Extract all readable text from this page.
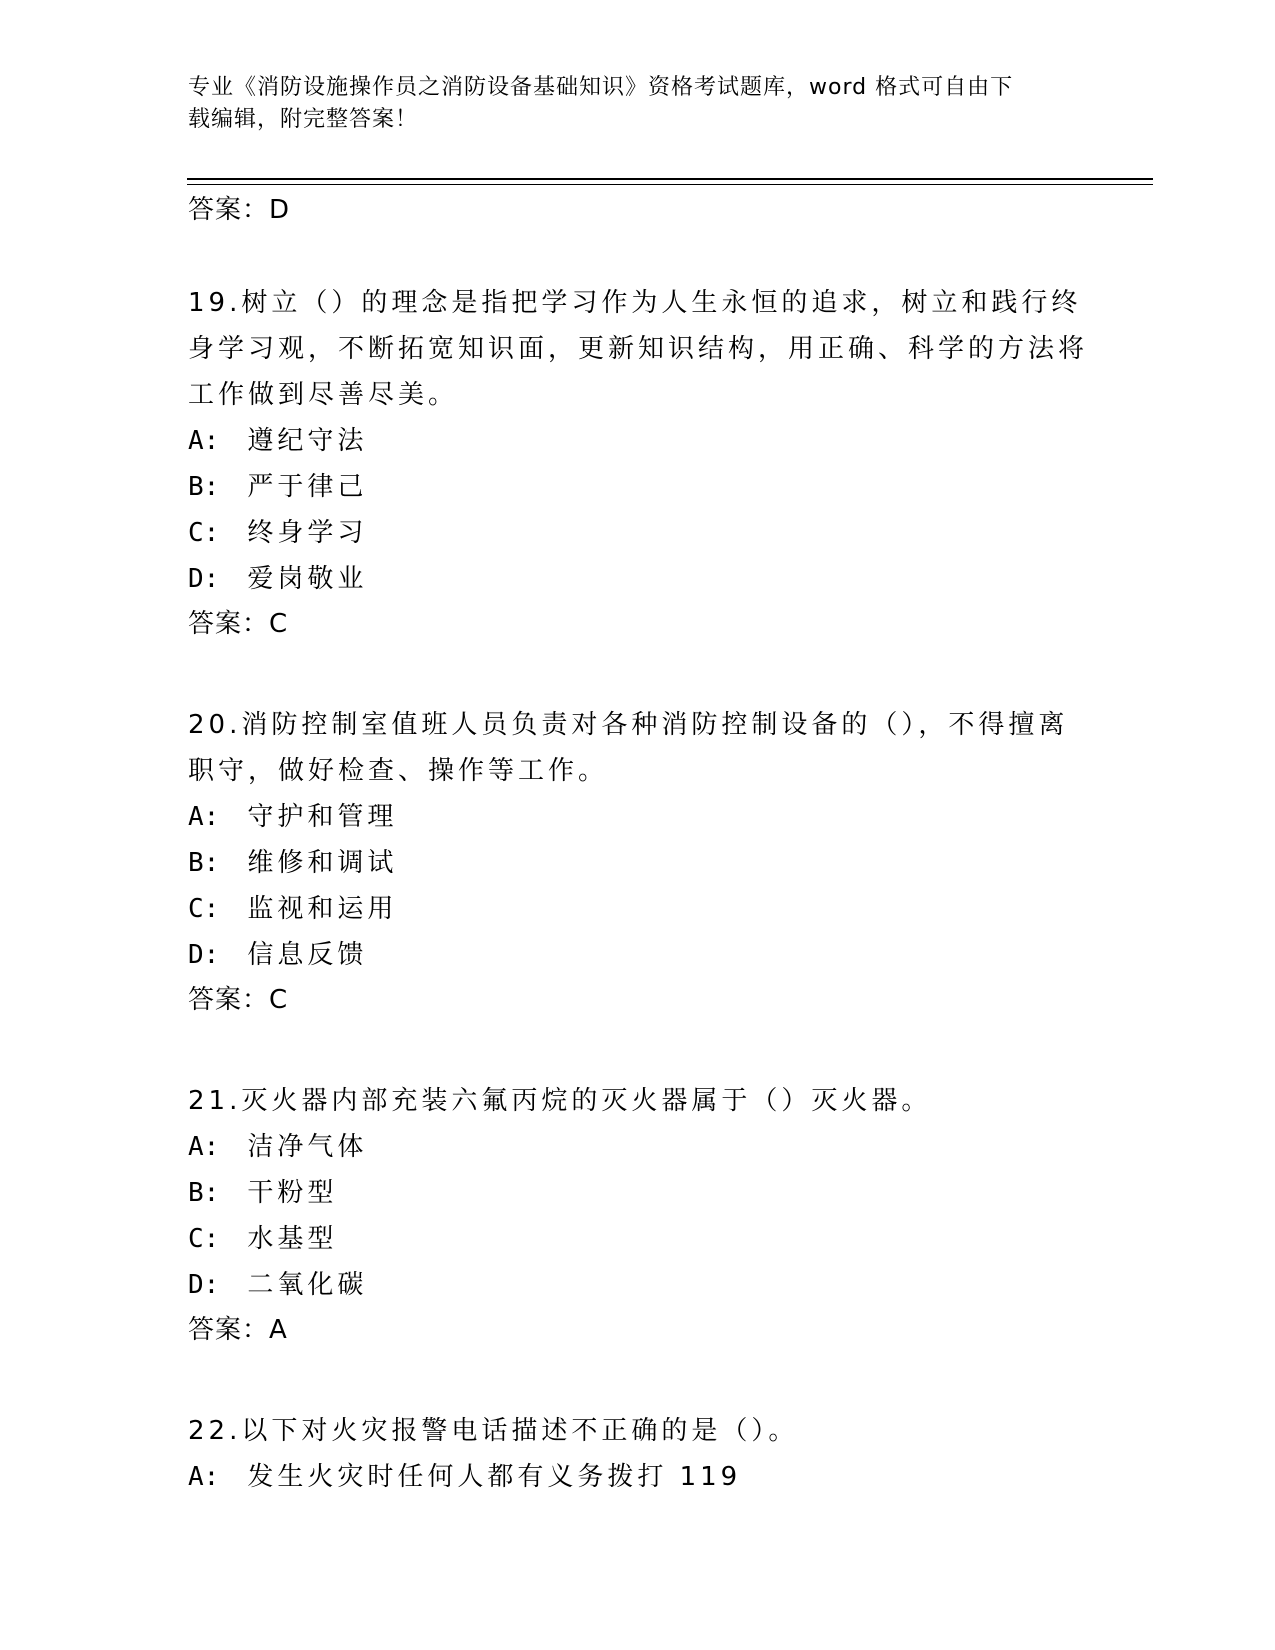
专业《消防设施操作员之消防设备基础知识》资格考试题库，word 格式可自由下
载编辑，附完整答案！
答案：D
19.树立（）的理念是指把学习作为人生永恒的追求，树立和践行终身学习观，不断拓宽知识面，更新知识结构，用正确、科学的方法将工作做到尽善尽美。
A: 遵纪守法
B: 严于律己
C: 终身学习
D: 爱岗敬业
答案：C
20.消防控制室值班人员负责对各种消防控制设备的（），不得擅离职守，做好检查、操作等工作。
A: 守护和管理
B: 维修和调试
C: 监视和运用
D: 信息反馈
答案：C
21.灭火器内部充装六氟丙烷的灭火器属于（）灭火器。
A: 洁净气体
B: 干粉型
C: 水基型
D: 二氧化碳
答案：A
22.以下对火灾报警电话描述不正确的是（）。
A: 发生火灾时任何人都有义务拨打 119
